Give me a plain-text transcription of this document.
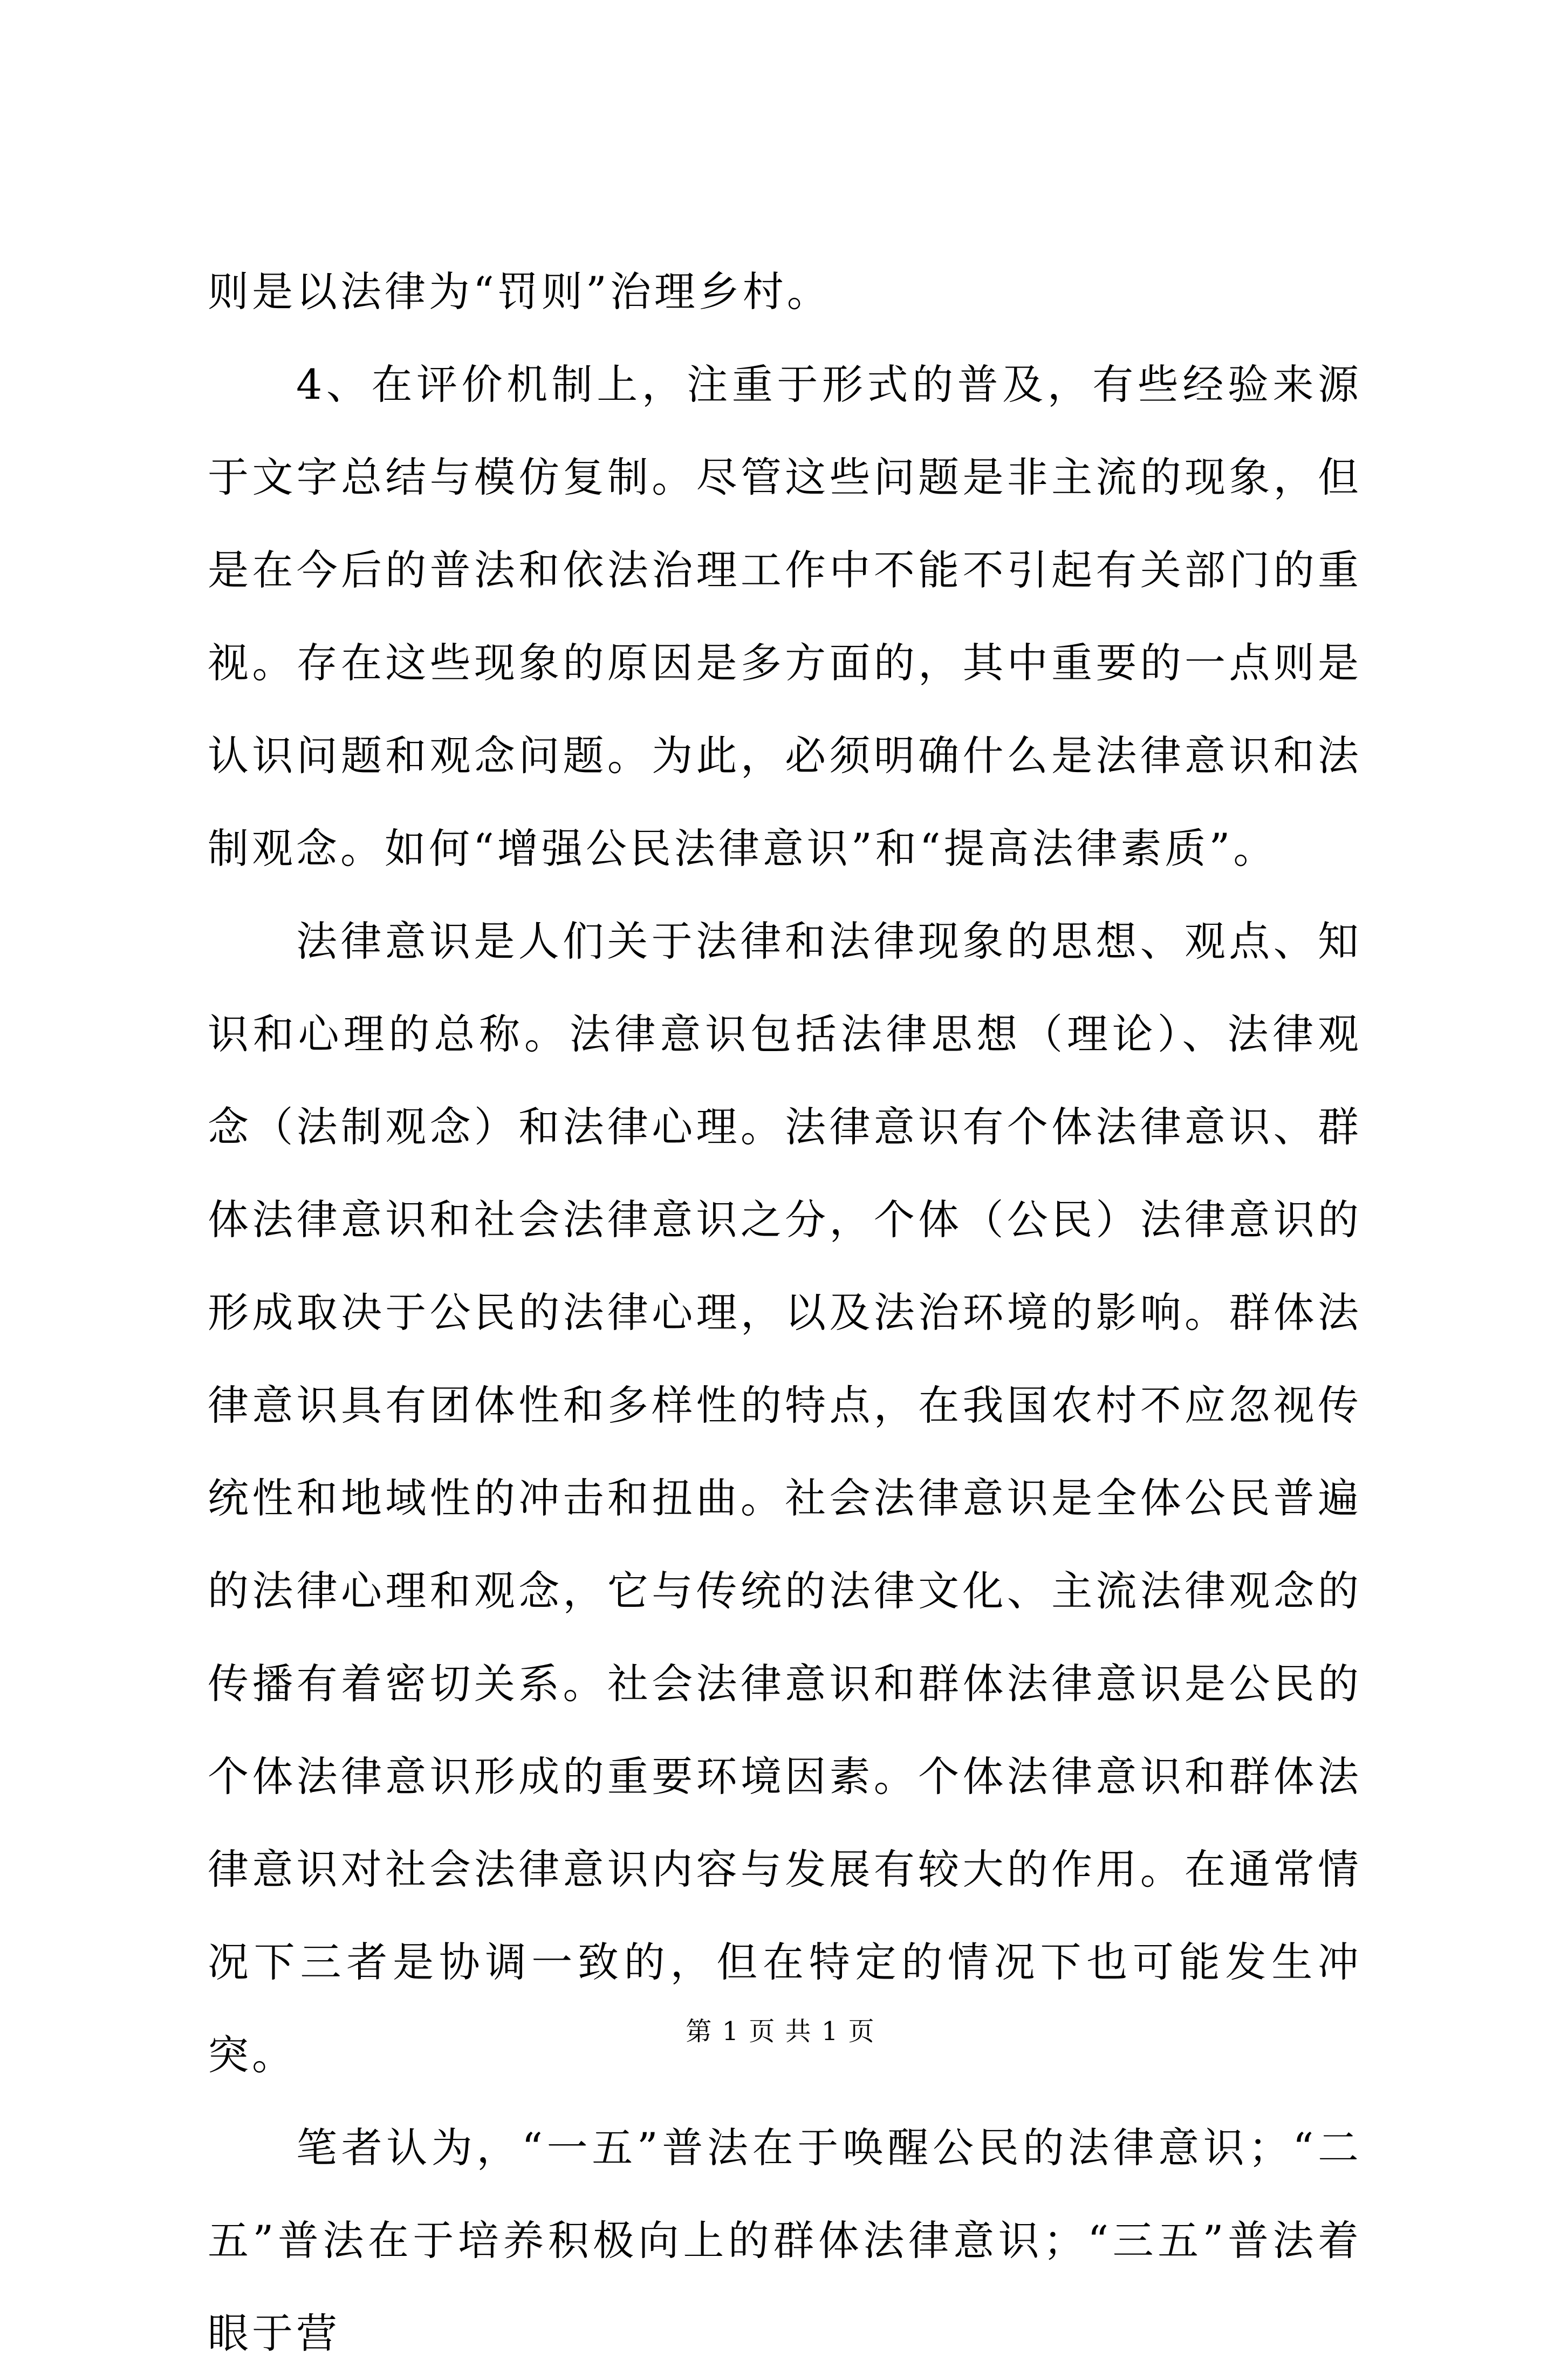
则是以法律为“罚则”治理乡村。

4、在评价机制上，注重于形式的普及，有些经验来源于文字总结与模仿复制。尽管这些问题是非主流的现象，但是在今后的普法和依法治理工作中不能不引起有关部门的重视。存在这些现象的原因是多方面的，其中重要的一点则是认识问题和观念问题。为此，必须明确什么是法律意识和法制观念。如何“增强公民法律意识”和“提高法律素质”。

法律意识是人们关于法律和法律现象的思想、观点、知识和心理的总称。法律意识包括法律思想（理论）、法律观念（法制观念）和法律心理。法律意识有个体法律意识、群体法律意识和社会法律意识之分，个体（公民）法律意识的形成取决于公民的法律心理，以及法治环境的影响。群体法律意识具有团体性和多样性的特点，在我国农村不应忽视传统性和地域性的冲击和扭曲。社会法律意识是全体公民普遍的法律心理和观念，它与传统的法律文化、主流法律观念的传播有着密切关系。社会法律意识和群体法律意识是公民的个体法律意识形成的重要环境因素。个体法律意识和群体法律意识对社会法律意识内容与发展有较大的作用。在通常情况下三者是协调一致的，但在特定的情况下也可能发生冲突。

笔者认为，“一五”普法在于唤醒公民的法律意识；“二五”普法在于培养积极向上的群体法律意识；“三五”普法着眼于营

第 1 页 共 1 页
